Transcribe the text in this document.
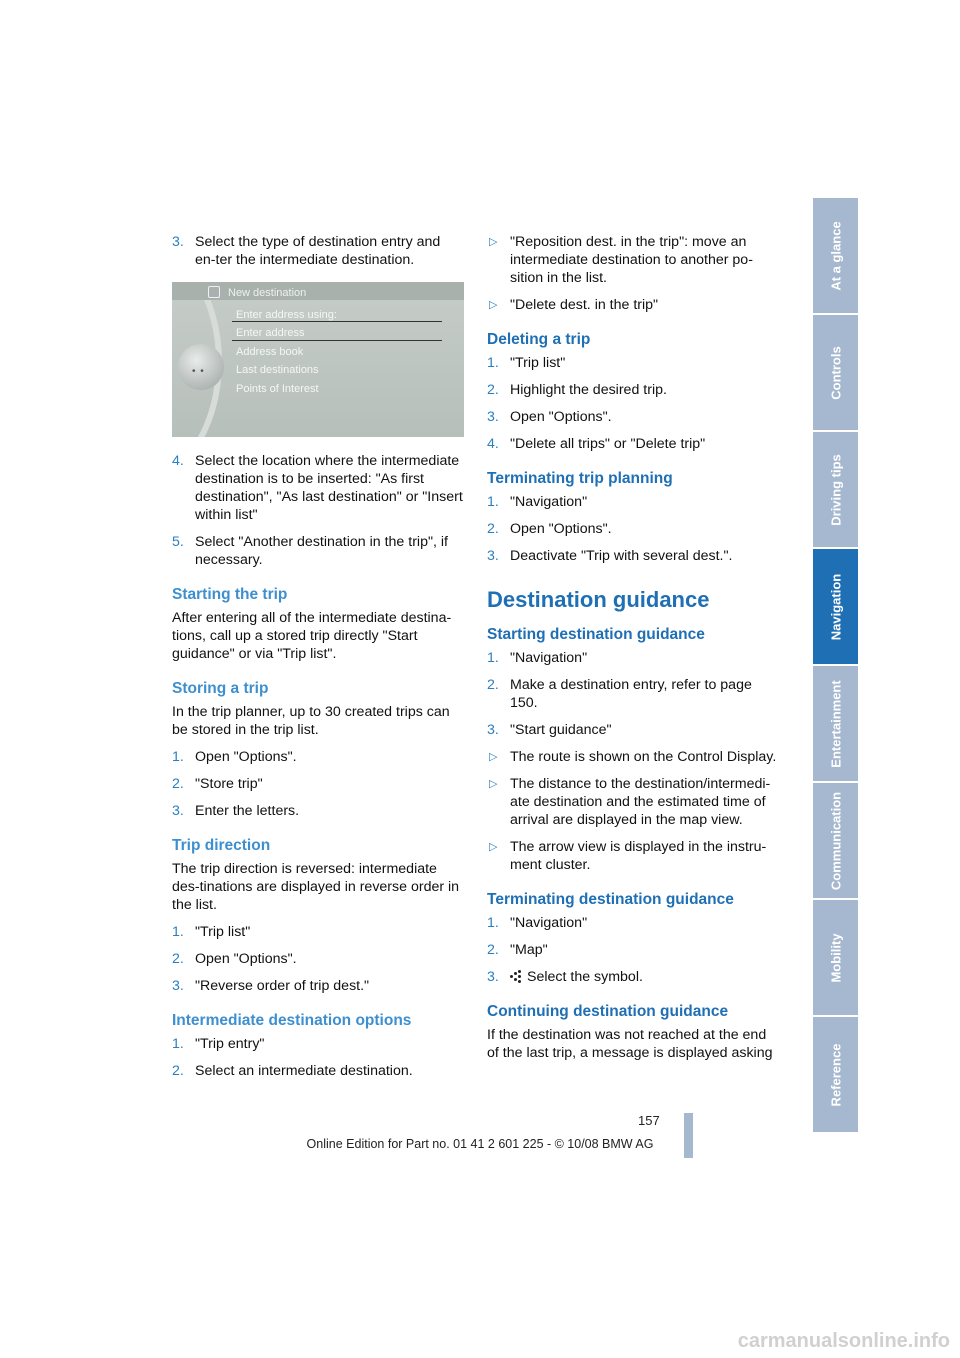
3. Select the type of destination entry and en-ter the intermediate destination.
• •
New destination
Enter address using:
Enter address
Address book
Last destinations
Points of Interest
4. Select the location where the intermediate destination is to be inserted: "As first destination", "As last destination" or "Insert within list"
5. Select "Another destination in the trip", if necessary.
Starting the trip
After entering all of the intermediate destina-tions, call up a stored trip directly "Start guidance" or via "Trip list".
Storing a trip
In the trip planner, up to 30 created trips can be stored in the trip list.
1. Open "Options".
2. "Store trip"
3. Enter the letters.
Trip direction
The trip direction is reversed: intermediate des-tinations are displayed in reverse order in the list.
1. "Trip list"
2. Open "Options".
3. "Reverse order of trip dest."
Intermediate destination options
1. "Trip entry"
2. Select an intermediate destination.
▷ "Reposition dest. in the trip": move an intermediate destination to another po-sition in the list.
▷ "Delete dest. in the trip"
Deleting a trip
1. "Trip list"
2. Highlight the desired trip.
3. Open "Options".
4. "Delete all trips" or "Delete trip"
Terminating trip planning
1. "Navigation"
2. Open "Options".
3. Deactivate "Trip with several dest.".
Destination guidance
Starting destination guidance
1. "Navigation"
2. Make a destination entry, refer to page 150.
3. "Start guidance"
▷ The route is shown on the Control Display.
▷ The distance to the destination/intermedi-ate destination and the estimated time of arrival are displayed in the map view.
▷ The arrow view is displayed in the instru-ment cluster.
Terminating destination guidance
1. "Navigation"
2. "Map"
3. Select the symbol.
Continuing destination guidance
If the destination was not reached at the end of the last trip, a message is displayed asking
At a glance
Controls
Driving tips
Navigation
Entertainment
Communication
Mobility
Reference
157
Online Edition for Part no. 01 41 2 601 225 - © 10/08 BMW AG
carmanualsonline.info
